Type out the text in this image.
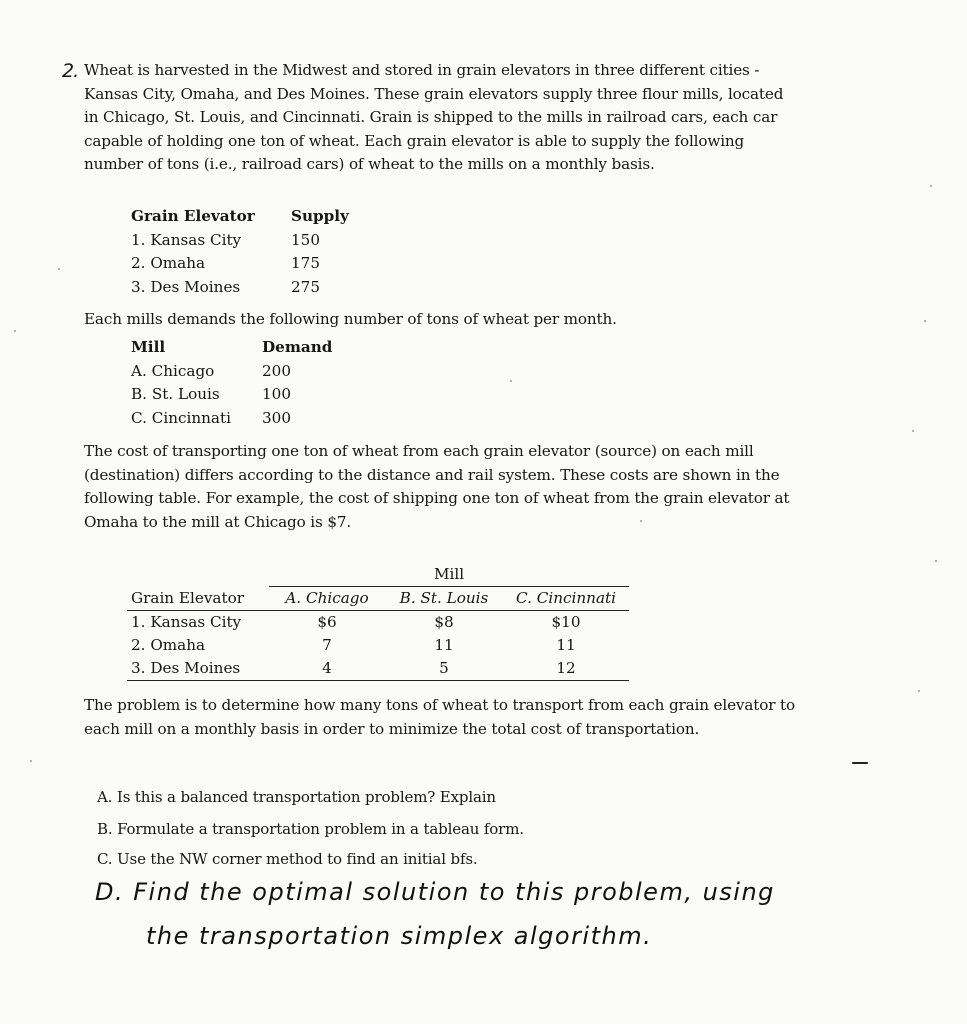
2. Wheat is harvested in the Midwest and stored in grain elevators in three different cities - Kansas City, Omaha, and Des Moines. These grain elevators supply three flour mills, located in Chicago, St. Louis, and Cincinnati. Grain is shipped to the mills in railroad cars, each car capable of holding one ton of wheat. Each grain elevator is able to supply the following number of tons (i.e., railroad cars) of wheat to the mills on a monthly basis.

Grain Elevator	Supply
1. Kansas City	150
2. Omaha	175
3. Des Moines	275

Each mills demands the following number of tons of wheat per month.

Mill	Demand
A. Chicago	200
B. St. Louis	100
C. Cincinnati	300

The cost of transporting one ton of wheat from each grain elevator (source) on each mill (destination) differs according to the distance and rail system. These costs are shown in the following table. For example, the cost of shipping one ton of wheat from the grain elevator at Omaha to the mill at Chicago is $7.

	Mill		
Grain Elevator	A. Chicago	B. St. Louis	C. Cincinnati
1. Kansas City	$6	$8	$10
2. Omaha	7	11	11
3. Des Moines	4	5	12

The problem is to determine how many tons of wheat to transport from each grain elevator to each mill on a monthly basis in order to minimize the total cost of transportation.

A. Is this a balanced transportation problem? Explain

B. Formulate a transportation problem in a tableau form.

C. Use the NW corner method to find an initial bfs.

D. Find the optimal solution to this problem, using

the transportation simplex algorithm.
